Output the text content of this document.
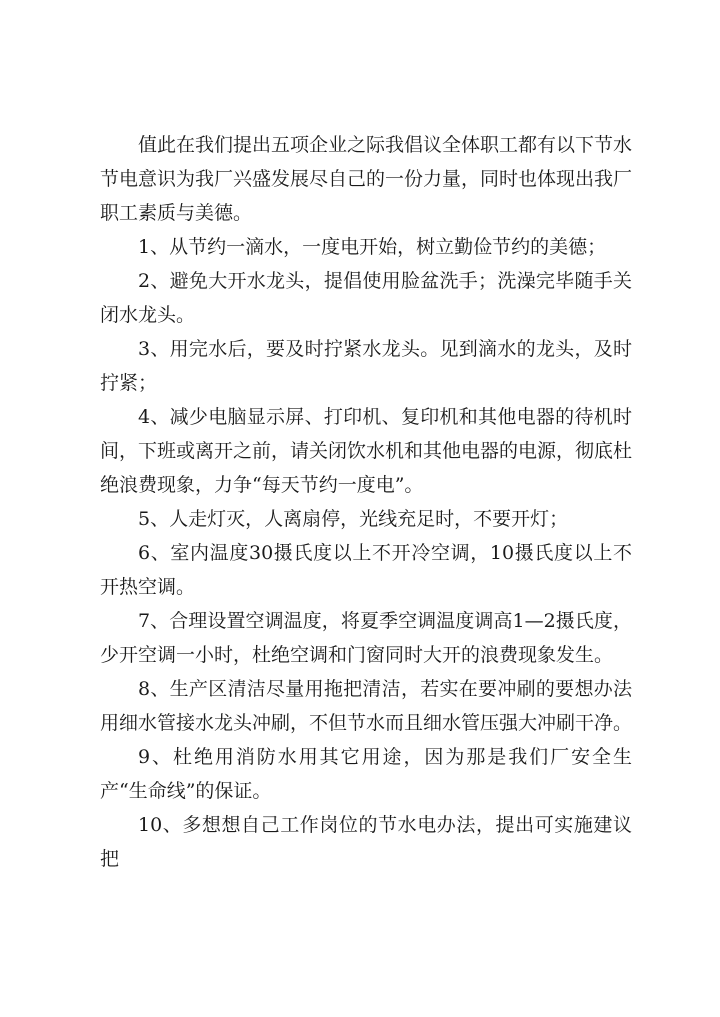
值此在我们提出五项企业之际我倡议全体职工都有以下节水节电意识为我厂兴盛发展尽自己的一份力量，同时也体现出我厂职工素质与美德。

1、从节约一滴水，一度电开始，树立勤俭节约的美德；

2、避免大开水龙头，提倡使用脸盆洗手；洗澡完毕随手关闭水龙头。

3、用完水后，要及时拧紧水龙头。见到滴水的龙头，及时拧紧；

4、减少电脑显示屏、打印机、复印机和其他电器的待机时间，下班或离开之前，请关闭饮水机和其他电器的电源，彻底杜绝浪费现象，力争“每天节约一度电”。

5、人走灯灭，人离扇停，光线充足时，不要开灯；

6、室内温度30摄氏度以上不开冷空调，10摄氏度以上不开热空调。

7、合理设置空调温度，将夏季空调温度调高1—2摄氏度，少开空调一小时，杜绝空调和门窗同时大开的浪费现象发生。

8、生产区清洁尽量用拖把清洁，若实在要冲刷的要想办法用细水管接水龙头冲刷，不但节水而且细水管压强大冲刷干净。

9、杜绝用消防水用其它用途，因为那是我们厂安全生产“生命线”的保证。

10、多想想自己工作岗位的节水电办法，提出可实施建议把
